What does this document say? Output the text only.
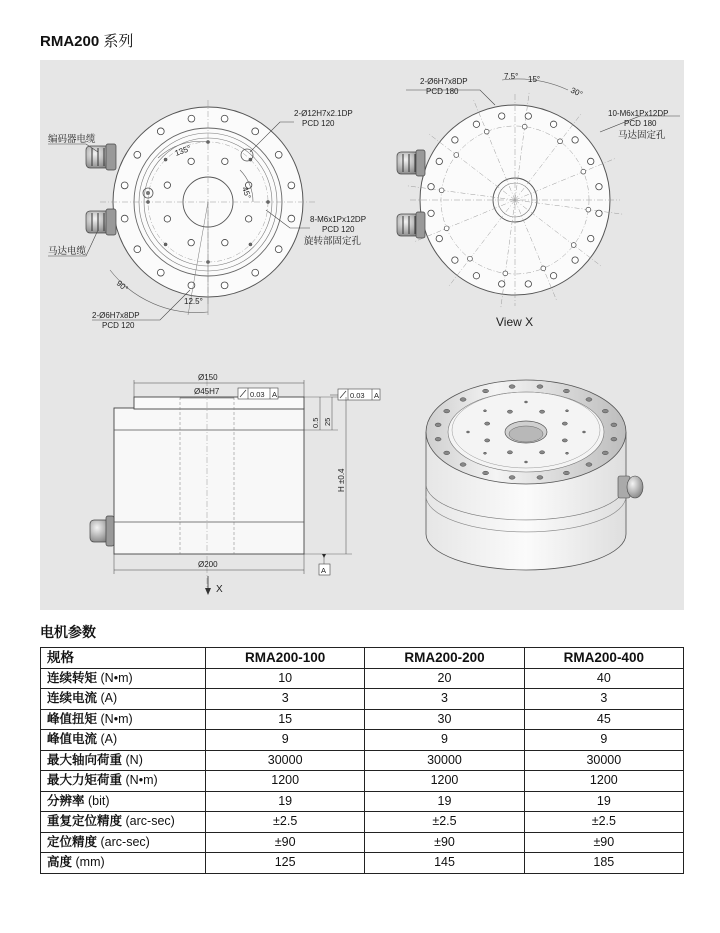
RMA200 系列
编码器电缆
马达电缆
2-Ø12H7x2.1DP
PCD 120
8-M6x1Px12DP
PCD 120
旋转部固定孔
2-Ø6H7x8DP
PCD 120
135°
45°
90°
12.5°
2-Ø6H7x8DP
PCD 180
7.5° 15°
30°
10-M6x1Px12DP
PCD 180
马达固定孔
View X
Ø150
Ø45H7	0.03 A	0.03 A
0.5 25
H ±0.4
A
Ø200
X
电机参数
规格	RMA200-100	RMA200-200	RMA200-400
连续转矩 (N•m)	10	20	40
连续电流 (A)	3	3	3
峰值扭矩 (N•m)	15	30	45
峰值电流 (A)	9	9	9
最大轴向荷重 (N)	30000	30000	30000
最大力矩荷重 (N•m)	1200	1200	1200
分辨率 (bit)	19	19	19
重复定位精度 (arc-sec)	±2.5	±2.5	±2.5
定位精度 (arc-sec)	±90	±90	±90
高度 (mm)	125	145	185
